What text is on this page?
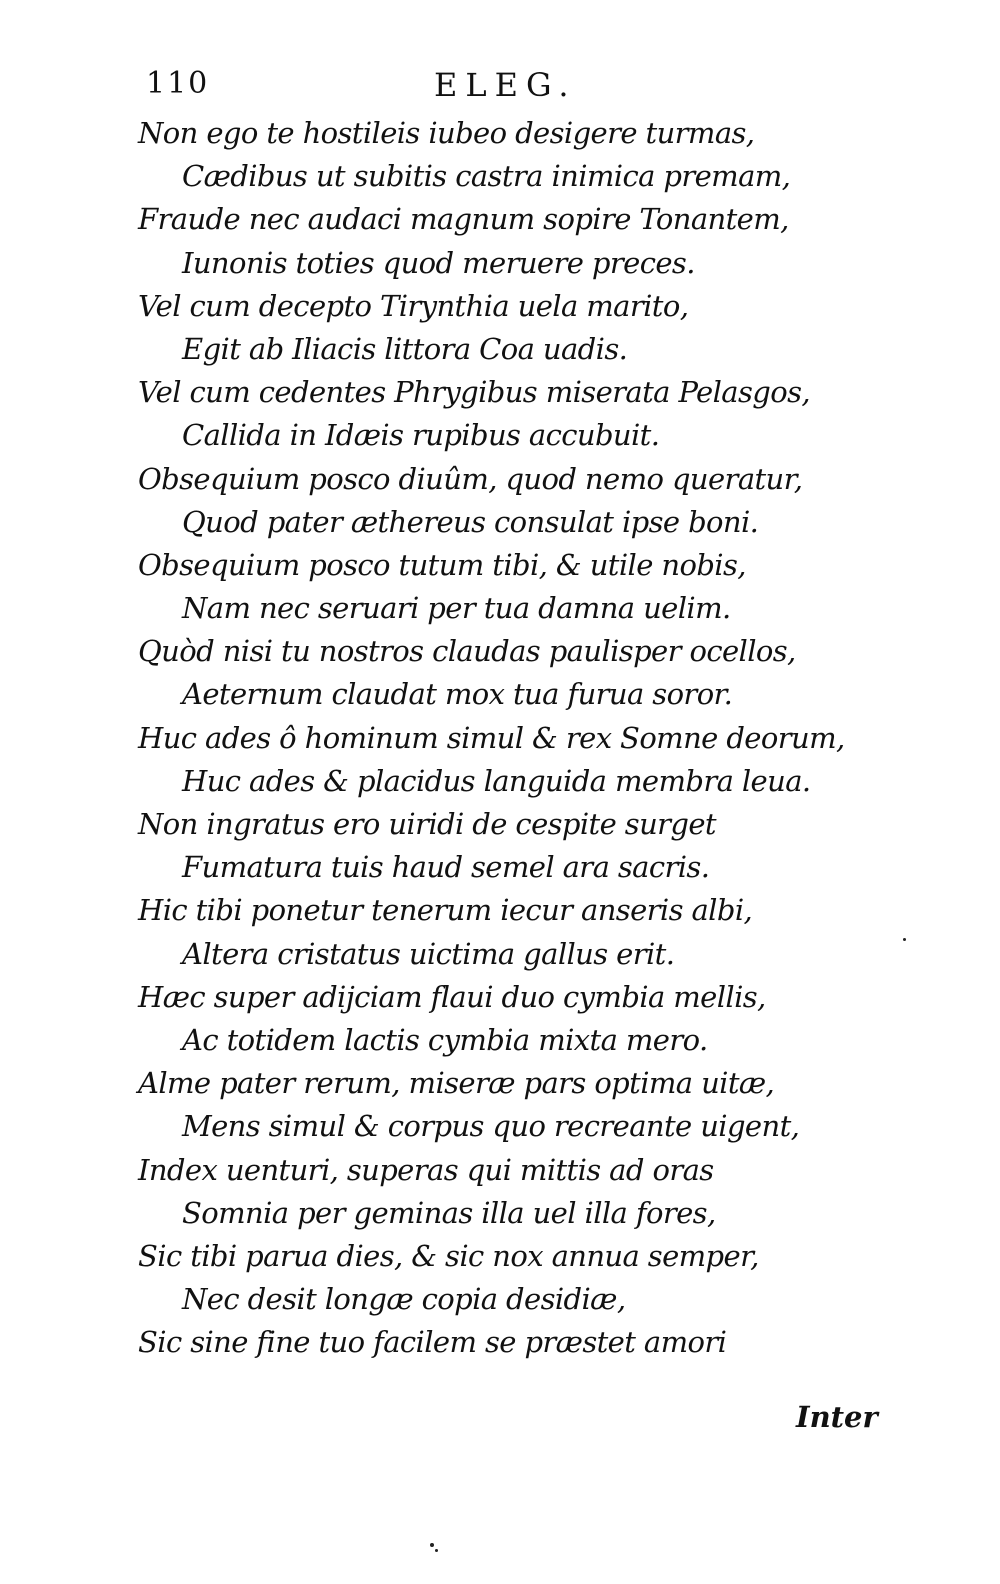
110	ELEG.
Non ego te hostileis iubeo desigere turmas,
Cædibus ut subitis castra inimica premam,
Fraude nec audaci magnum sopire Tonantem,
Iunonis toties quod meruere preces.
Vel cum decepto Tirynthia uela marito,
Egit ab Iliacis littora Coa uadis.
Vel cum cedentes Phrygibus miserata Pelasgos,
Callida in Idæis rupibus accubuit.
Obsequium posco diuûm, quod nemo queratur,
Quod pater æthereus consulat ipse boni.
Obsequium posco tutum tibi, & utile nobis,
Nam nec seruari per tua damna uelim.
Quòd nisi tu nostros claudas paulisper ocellos,
Aeternum claudat mox tua furua soror.
Huc ades ô hominum simul & rex Somne deorum,
Huc ades & placidus languida membra leua.
Non ingratus ero uiridi de cespite surget
Fumatura tuis haud semel ara sacris.
Hic tibi ponetur tenerum iecur anseris albi,
Altera cristatus uictima gallus erit.
Hæc super adijciam flaui duo cymbia mellis,
Ac totidem lactis cymbia mixta mero.
Alme pater rerum, miseræ pars optima uitæ,
Mens simul & corpus quo recreante uigent,
Index uenturi, superas qui mittis ad oras
Somnia per geminas illa uel illa fores,
Sic tibi parua dies, & sic nox annua semper,
Nec desit longæ copia desidiæ,
Sic sine fine tuo facilem se præstet amori
Inter
